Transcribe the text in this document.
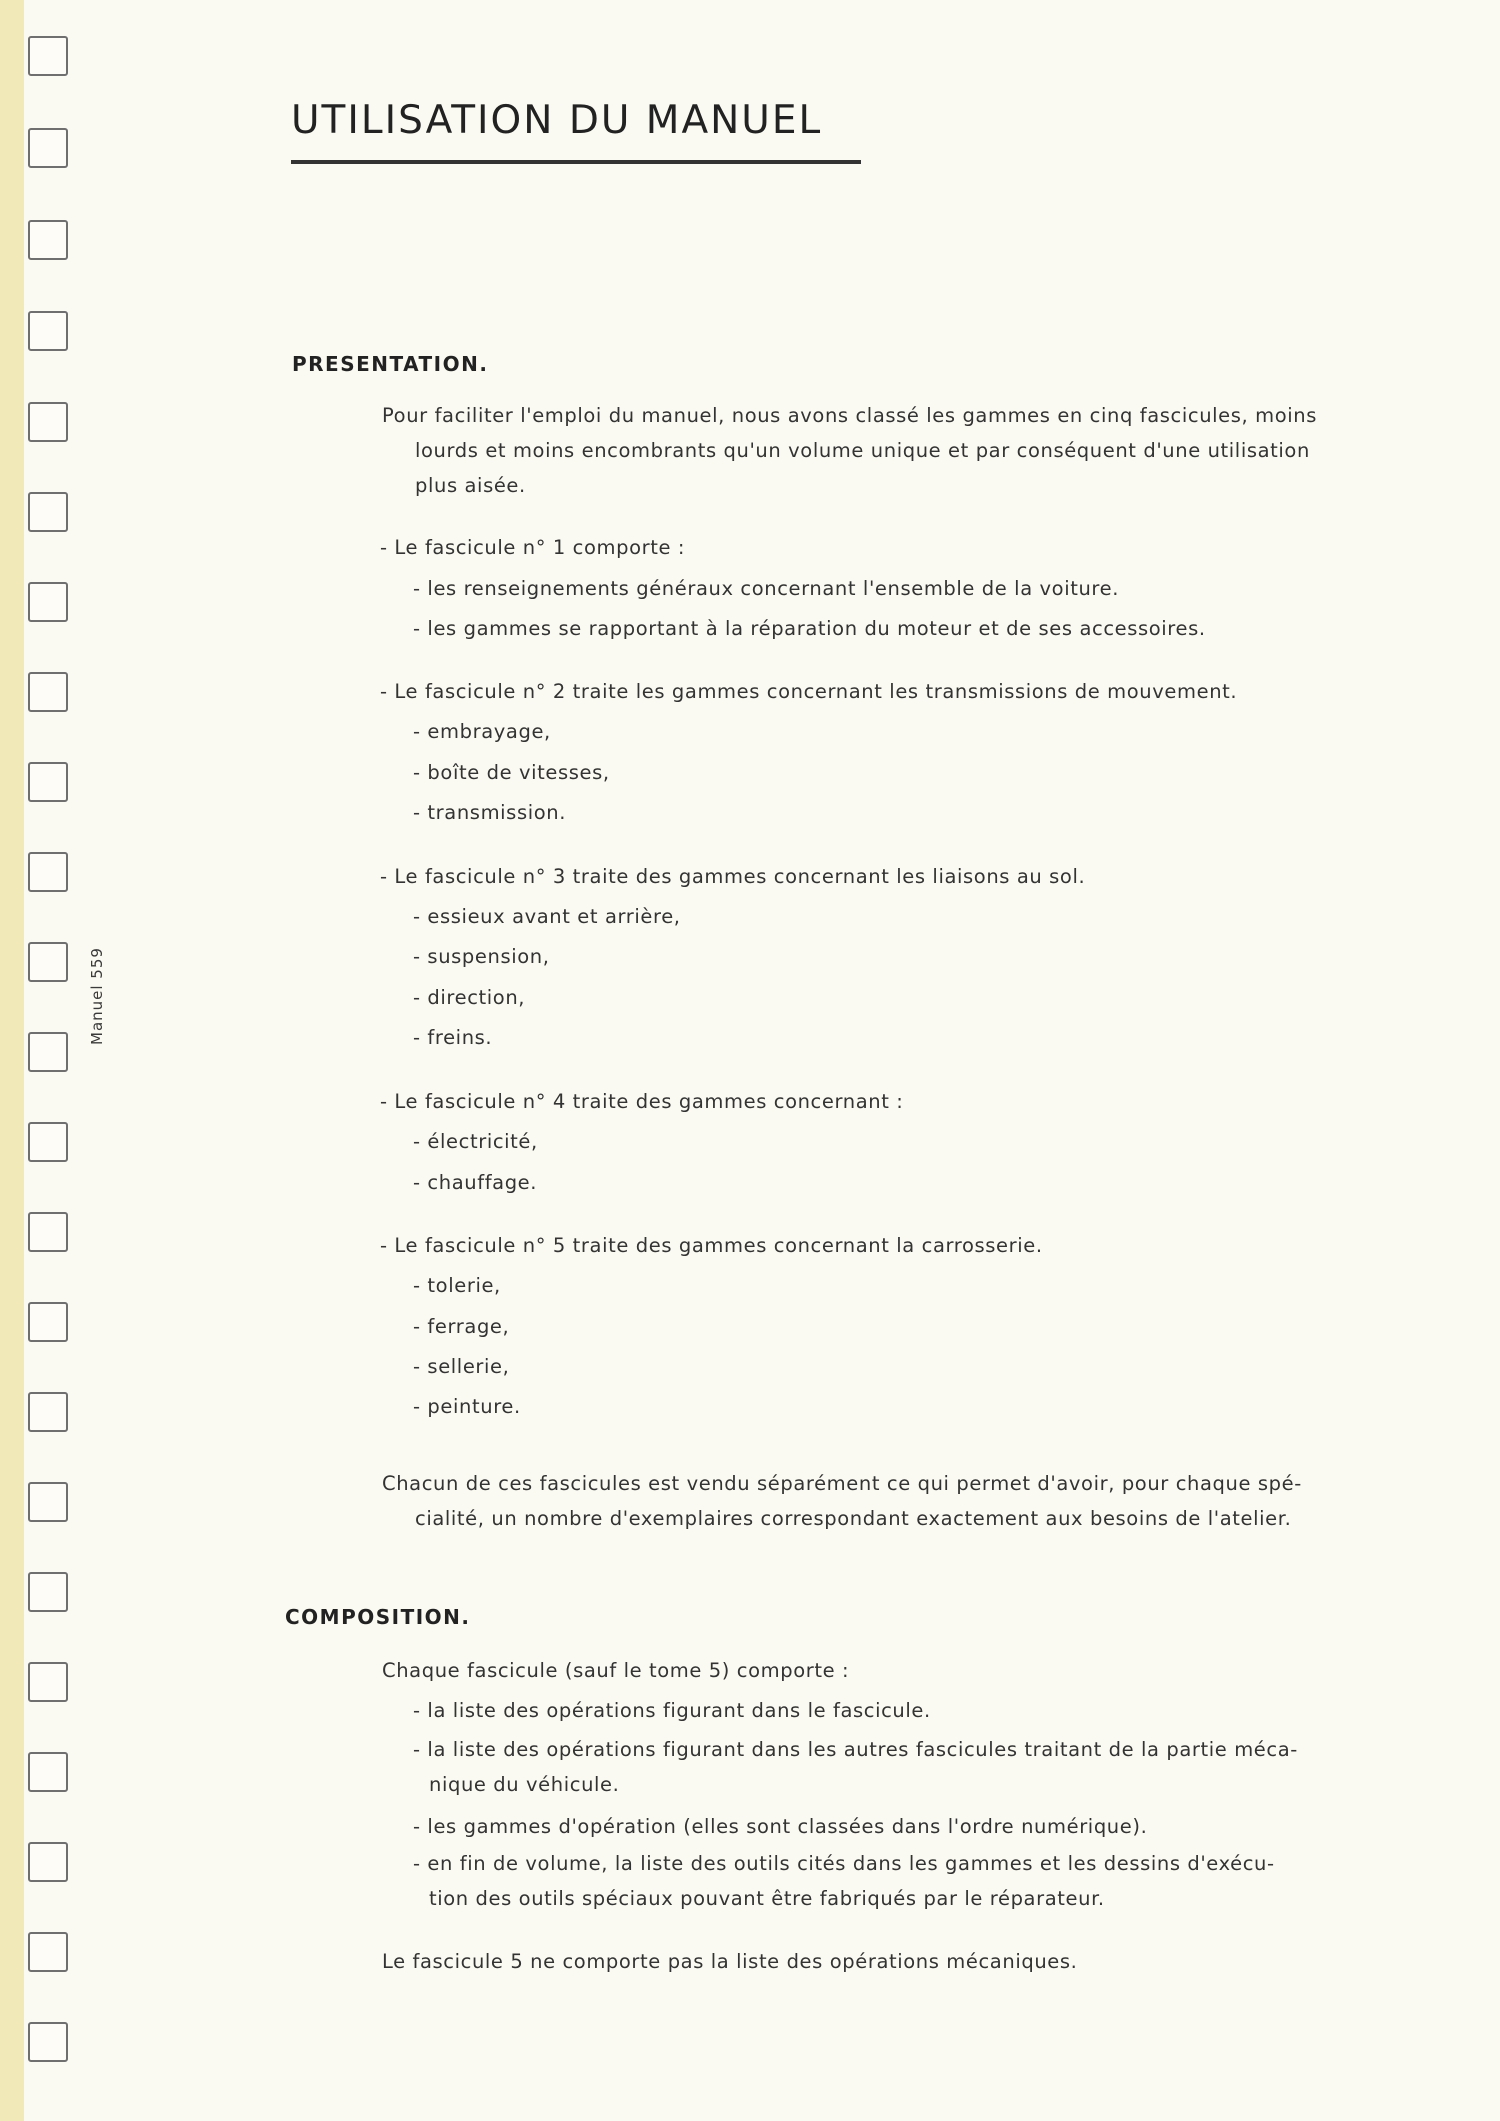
Manuel 559
UTILISATION DU MANUEL
PRESENTATION.

Pour faciliter l'emploi du manuel, nous avons classé les gammes en cinq fascicules, moins
lourds et moins encombrants qu'un volume unique et par conséquent d'une utilisation
plus aisée.

- Le fascicule n° 1 comporte :

- les renseignements généraux concernant l'ensemble de la voiture.

- les gammes se rapportant à la réparation du moteur et de ses accessoires.

- Le fascicule n° 2 traite les gammes concernant les transmissions de mouvement.

- embrayage,

- boîte de vitesses,

- transmission.

- Le fascicule n° 3 traite des gammes concernant les liaisons au sol.

- essieux avant et arrière,

- suspension,

- direction,

- freins.

- Le fascicule n° 4 traite des gammes concernant :

- électricité,

- chauffage.

- Le fascicule n° 5 traite des gammes concernant la carrosserie.

- tolerie,

- ferrage,

- sellerie,

- peinture.

Chacun de ces fascicules est vendu séparément ce qui permet d'avoir, pour chaque spé-
cialité, un nombre d'exemplaires correspondant exactement aux besoins de l'atelier.

COMPOSITION.

Chaque fascicule (sauf le tome 5) comporte :

- la liste des opérations figurant dans le fascicule.

- la liste des opérations figurant dans les autres fascicules traitant de la partie méca-
nique du véhicule.

- les gammes d'opération (elles sont classées dans l'ordre numérique).

- en fin de volume, la liste des outils cités dans les gammes et les dessins d'exécu-
tion des outils spéciaux pouvant être fabriqués par le réparateur.

Le fascicule 5 ne comporte pas la liste des opérations mécaniques.
